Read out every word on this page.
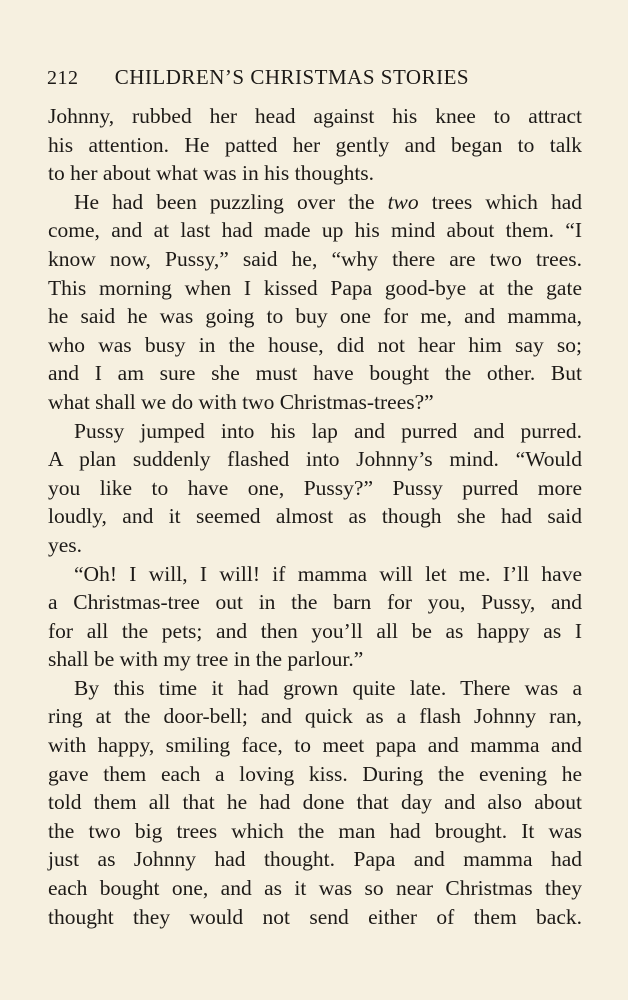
212 CHILDREN’S CHRISTMAS STORIES

Johnny, rubbed her head against his knee to attract
his attention. He patted her gently and began to talk
to her about what was in his thoughts.

He had been puzzling over the two trees which had
come, and at last had made up his mind about them. “I
know now, Pussy,” said he, “why there are two trees.
This morning when I kissed Papa good-bye at the gate
he said he was going to buy one for me, and mamma,
who was busy in the house, did not hear him say so;
and I am sure she must have bought the other. But
what shall we do with two Christmas-trees?”

Pussy jumped into his lap and purred and purred.
A plan suddenly flashed into Johnny’s mind. “Would
you like to have one, Pussy?” Pussy purred more
loudly, and it seemed almost as though she had said
yes.

“Oh! I will, I will! if mamma will let me. I’ll have
a Christmas-tree out in the barn for you, Pussy, and
for all the pets; and then you’ll all be as happy as I
shall be with my tree in the parlour.”

By this time it had grown quite late. There was a
ring at the door-bell; and quick as a flash Johnny ran,
with happy, smiling face, to meet papa and mamma and
gave them each a loving kiss. During the evening he
told them all that he had done that day and also about
the two big trees which the man had brought. It was
just as Johnny had thought. Papa and mamma had
each bought one, and as it was so near Christmas they
thought they would not send either of them back.
